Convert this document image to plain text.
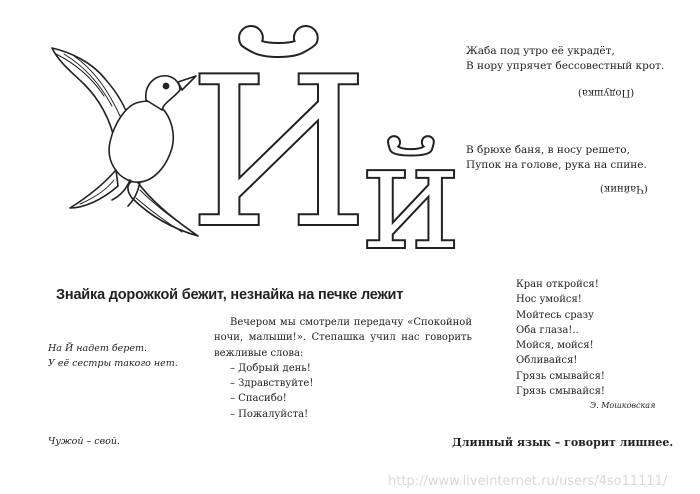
Й
й
Жаба под утро её украдёт,
В нору упрячет бессовестный крот.
(Подушка)
В брюхе баня, в носу решето,
Пупок на голове, рука на спине.
(Чайник)
Знайка дорожкой бежит, незнайка на печке лежит
На Й надет берет.
У её сестры такого нет.
Вечером мы смотрели передачу «Спокойной ночи, малыши!». Степашка учил нас говорить вежливые слова:
– Добрый день!
– Здравствуйте!
– Спасибо!
– Пожалуйста!
Кран откройся!
Нос умойся!
Мойтесь сразу
Оба глаза!..
Мойся, мойся!
Обливайся!
Грязь смывайся!
Грязь смывайся!
Э. Мошковская
Чужой – свой.	Длинный язык – говорит лишнее.
http://www.liveinternet.ru/users/4so11111/
